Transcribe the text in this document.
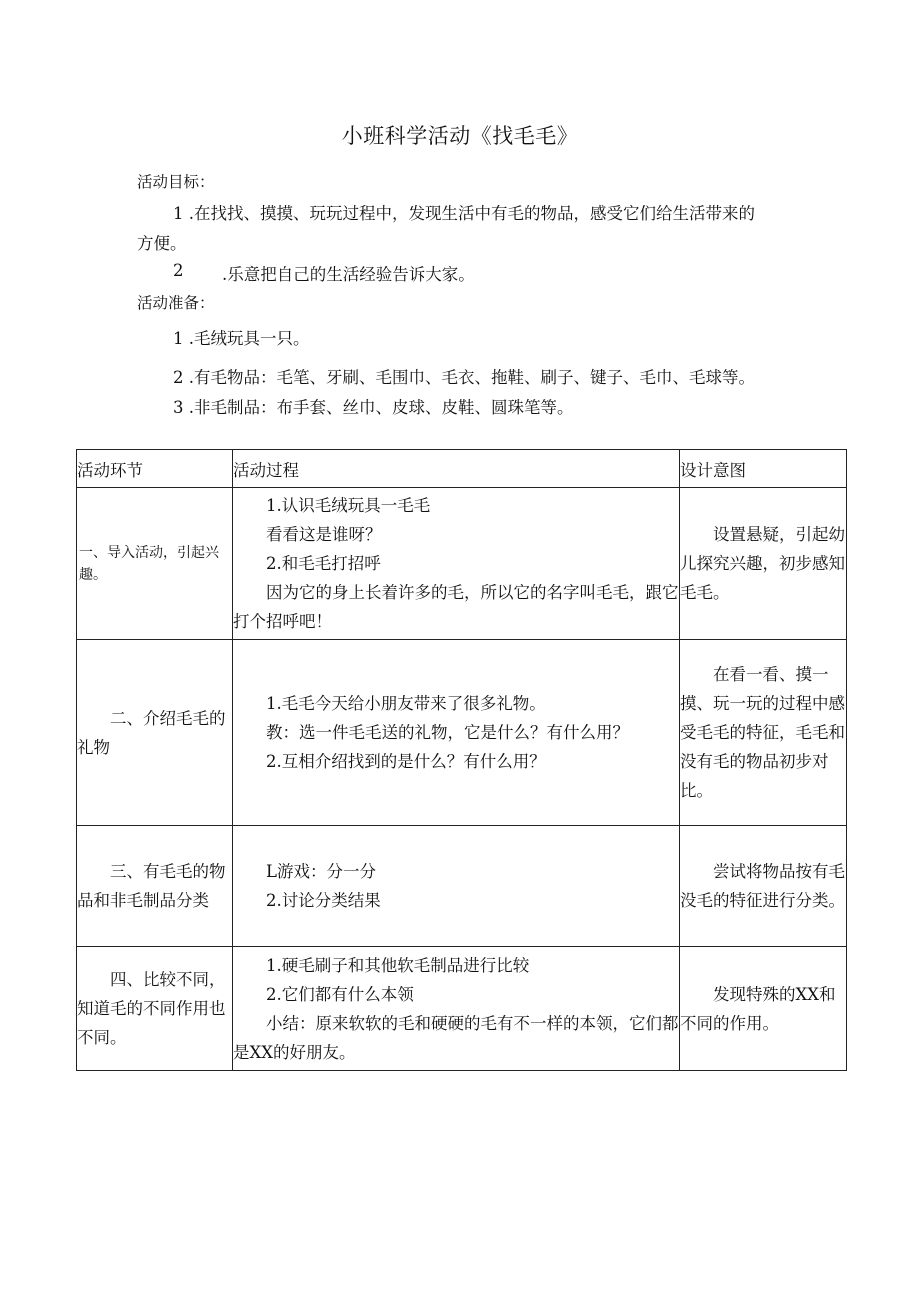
小班科学活动《找毛毛》
活动目标：
1 .在找找、摸摸、玩玩过程中，发现生活中有毛的物品，感受它们给生活带来的
方便。
2 .乐意把自己的生活经验告诉大家。
活动准备：
1 .毛绒玩具一只。
2 .有毛物品：毛笔、牙刷、毛围巾、毛衣、拖鞋、刷子、键子、毛巾、毛球等。
3 .非毛制品：布手套、丝巾、皮球、皮鞋、圆珠笔等。
活动环节	活动过程	设计意图
一、导入活动，引起兴趣。	1.认识毛绒玩具一毛毛

看看这是谁呀？

2.和毛毛打招呼

因为它的身上长着许多的毛，所以它的名字叫毛毛，跟它打个招呼吧！	设置悬疑，引起幼儿探究兴趣，初步感知毛毛。
二、介绍毛毛的礼物	1.毛毛今天给小朋友带来了很多礼物。

教：选一件毛毛送的礼物，它是什么？有什么用？

2.互相介绍找到的是什么？有什么用？	在看一看、摸一摸、玩一玩的过程中感受毛毛的特征，毛毛和没有毛的物品初步对比。
三、有毛毛的物品和非毛制品分类	L游戏：分一分

2.讨论分类结果	尝试将物品按有毛没毛的特征进行分类。
四、比较不同，知道毛的不同作用也不同。	1.硬毛刷子和其他软毛制品进行比较

2.它们都有什么本领

小结：原来软软的毛和硬硬的毛有不一样的本领，它们都是XX的好朋友。	发现特殊的XX和不同的作用。
